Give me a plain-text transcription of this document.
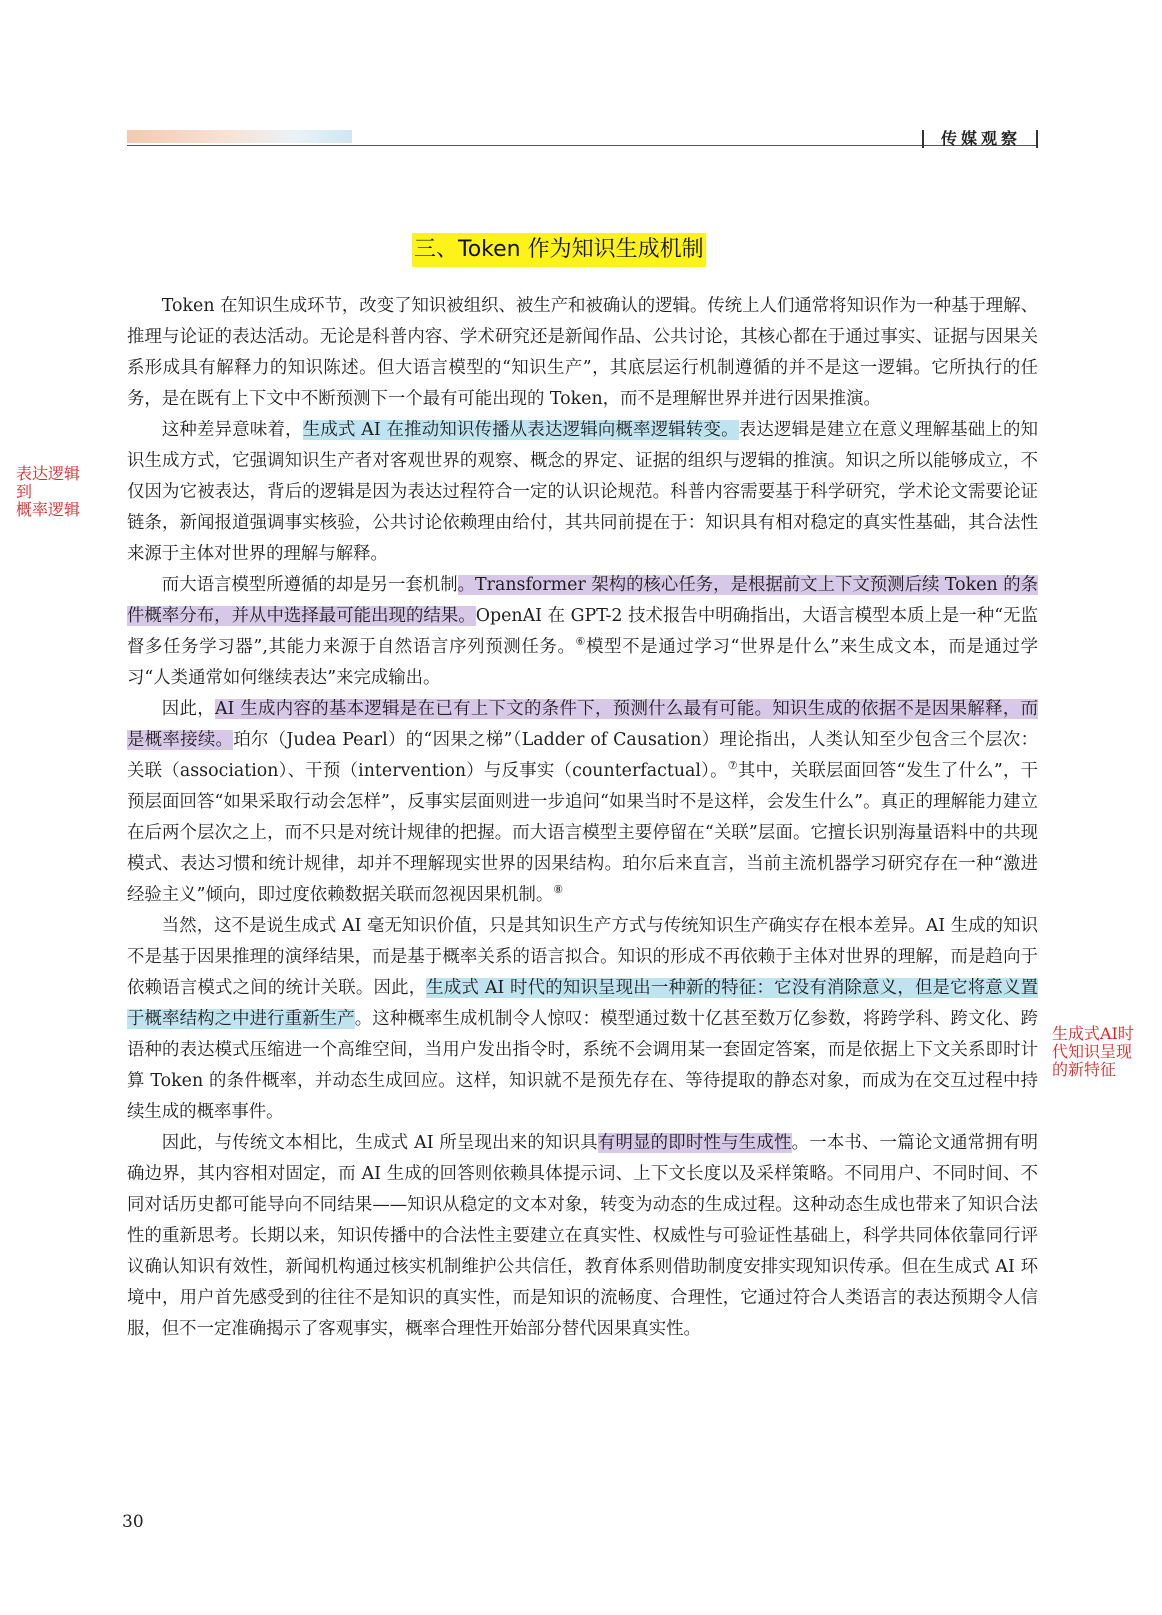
传媒观察
三、Token 作为知识生成机制

Token 在知识生成环节，改变了知识被组织、被生产和被确认的逻辑。传统上人们通常将知识作为一种基于理解、推理与论证的表达活动。无论是科普内容、学术研究还是新闻作品、公共讨论，其核心都在于通过事实、证据与因果关系形成具有解释力的知识陈述。但大语言模型的“知识生产”，其底层运行机制遵循的并不是这一逻辑。它所执行的任务，是在既有上下文中不断预测下一个最有可能出现的 Token，而不是理解世界并进行因果推演。

这种差异意味着，生成式 AI 在推动知识传播从表达逻辑向概率逻辑转变。表达逻辑是建立在意义理解基础上的知识生成方式，它强调知识生产者对客观世界的观察、概念的界定、证据的组织与逻辑的推演。知识之所以能够成立，不仅因为它被表达，背后的逻辑是因为表达过程符合一定的认识论规范。科普内容需要基于科学研究，学术论文需要论证链条，新闻报道强调事实核验，公共讨论依赖理由给付，其共同前提在于：知识具有相对稳定的真实性基础，其合法性来源于主体对世界的理解与解释。

而大语言模型所遵循的却是另一套机制。Transformer 架构的核心任务，是根据前文上下文预测后续 Token 的条件概率分布，并从中选择最可能出现的结果。OpenAI 在 GPT-2 技术报告中明确指出，大语言模型本质上是一种“无监督多任务学习器”,其能力来源于自然语言序列预测任务。⑥模型不是通过学习“世界是什么”来生成文本，而是通过学习“人类通常如何继续表达”来完成输出。

因此，AI 生成内容的基本逻辑是在已有上下文的条件下，预测什么最有可能。知识生成的依据不是因果解释，而是概率接续。珀尔（Judea Pearl）的“因果之梯”（Ladder of Causation）理论指出，人类认知至少包含三个层次：关联（association）、干预（intervention）与反事实（counterfactual）。⑦其中，关联层面回答“发生了什么”，干预层面回答“如果采取行动会怎样”，反事实层面则进一步追问“如果当时不是这样，会发生什么”。真正的理解能力建立在后两个层次之上，而不只是对统计规律的把握。而大语言模型主要停留在“关联”层面。它擅长识别海量语料中的共现模式、表达习惯和统计规律，却并不理解现实世界的因果结构。珀尔后来直言，当前主流机器学习研究存在一种“激进经验主义”倾向，即过度依赖数据关联而忽视因果机制。⑧

当然，这不是说生成式 AI 毫无知识价值，只是其知识生产方式与传统知识生产确实存在根本差异。AI 生成的知识不是基于因果推理的演绎结果，而是基于概率关系的语言拟合。知识的形成不再依赖于主体对世界的理解，而是趋向于依赖语言模式之间的统计关联。因此，生成式 AI 时代的知识呈现出一种新的特征：它没有消除意义，但是它将意义置于概率结构之中进行重新生产。这种概率生成机制令人惊叹：模型通过数十亿甚至数万亿参数，将跨学科、跨文化、跨语种的表达模式压缩进一个高维空间，当用户发出指令时，系统不会调用某一套固定答案，而是依据上下文关系即时计算 Token 的条件概率，并动态生成回应。这样，知识就不是预先存在、等待提取的静态对象，而成为在交互过程中持续生成的概率事件。

因此，与传统文本相比，生成式 AI 所呈现出来的知识具有明显的即时性与生成性。一本书、一篇论文通常拥有明确边界，其内容相对固定，而 AI 生成的回答则依赖具体提示词、上下文长度以及采样策略。不同用户、不同时间、不同对话历史都可能导向不同结果——知识从稳定的文本对象，转变为动态的生成过程。这种动态生成也带来了知识合法性的重新思考。长期以来，知识传播中的合法性主要建立在真实性、权威性与可验证性基础上，科学共同体依靠同行评议确认知识有效性，新闻机构通过核实机制维护公共信任，教育体系则借助制度安排实现知识传承。但在生成式 AI 环境中，用户首先感受到的往往不是知识的真实性，而是知识的流畅度、合理性，它通过符合人类语言的表达预期令人信服，但不一定准确揭示了客观事实，概率合理性开始部分替代因果真实性。

表达逻辑
到
概率逻辑
生成式AI时
代知识呈现
的新特征
30
